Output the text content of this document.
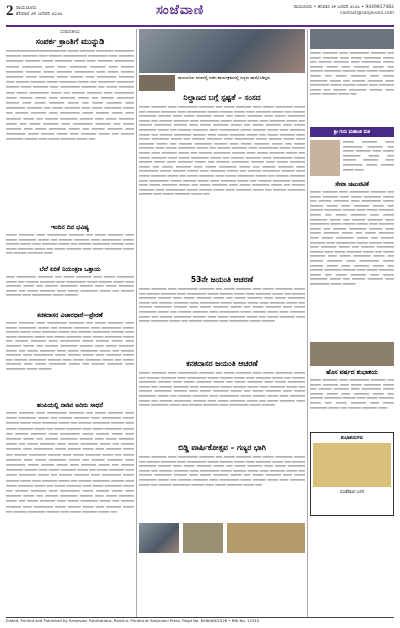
2 ರಾಯಚೂರು
ಶನಿವಾರ ೨೪ ಜನವರಿ ೨೦೨೬	ಸಂಜೆವಾಣಿ	ರಾಯಚೂರು • ಶನಿವಾರ ೨೪ ಜನವರಿ ೨೦೨೬ • 9449817482
contact@sanjevani.com
ಸಂಪಾದಕೀಯ
ಸಂಪರ್ಕ ಕ್ರಾಂತಿಗೆ ಮುನ್ನುಡಿ
════════════════════════════ ═════ ═══════ ════════ ═════════ ═══════ ═══════ ════ ══════ ═══════════ ═════════ ════ ═══════ ════════ ═══════ ═════ ════════ ═════ ════ ═══════ ═════════ ══════ ═════════ ════ ════ ════════ ═══════ ════ ══════ ════════ ═══════ ═════ ═══════ ═════════ ════ ═════ ══════ ════════ ═════ ═══════ ═════ ══════ ════ ═════════ ═══════ ════ ══════ ═══════ ═════ ════════ ═════ ═══ ════════ ════════ ══════ ═════ ═══════ ════ ═════════ ═══════ ═══ ═════ ═══════ ════ ═════ ═════════ ═════ ═══ ══════ ═══════ ════ ═════════ ═════ ══════ ═════ ════ ═══════ ═════ ═══ ══════ ════════ ══════ ════ ═════ ═══════ ═════ ═══ ═════ ═══════ ════ ═════════ ═══════ ═══ ═════ ═══════ ════ ═════ ════════ ═════ ═══ ══════ ═══════ ════ ═════════ ═════ ══════ ═════ ════ ═══════ ═════ ═══ ══════ ════════ ══════ ════ ═════ ═══════ ═════ ═══ ═════ ═══════ ════ ═════════ ═══════ ═══ ═════ ═══════ ════ ═════ ════════ ═════ ═══ ══════ ═══════ ════ ═════════ ═════ ══════ ═════ ════ ═══════ ═════ ═══ ══════ ════════ ══════ ════ ═════ ═══════ ═════ ═══
ಇಂದಿನ ದಿನ ಭವಿಷ್ಯ
═════ ═══════ ════ ═════════ ═══════ ═══ ═════ ═══════ ════ ═════ ════════ ═════ ═══ ══════ ═══════ ════ ═════════ ═════ ══════ ═════ ════ ═══════ ═════ ═══ ══════ ════════ ══════ ════ ═════ ═══════ ═════ ═══ ═════ ═══════ ════ ═════ ════════ ═════ ═══ ══════ ═══════ ════
ಬೆಲೆ ಏರಿಕೆ ನಿಯಂತ್ರಣ ಒತ್ತಾಯ
════ ═════════ ═══════ ═══ ═════ ═══════ ════ ═════ ════════ ═════ ═══ ══════ ═══════ ════ ═════════ ═════ ══════ ═════ ════ ═══════ ═════ ═══ ══════ ════════ ══════ ════ ═════ ═══════ ═════ ═══ ═════ ═══════ ════ ═════ ════════ ═════ ═══ ══════ ═══════ ════ ═════════ ═════ ══════
ಕನಕದಾಸರ ವಿಚಾರಧಾರೆ—ಪ್ರೇರಣೆ
═════ ═══════ ════ ═════════ ═══════ ═══ ═════ ═══════ ════ ═════ ════════ ═════ ═══ ══════ ═══════ ════ ═════════ ═════ ══════ ═════ ════ ═══════ ═════ ═══ ══════ ════════ ══════ ════ ═════ ═══════ ═════ ═══ ═════ ═══════ ════ ═════ ════════ ═════ ═══ ══════ ═══════ ════ ═════════ ═════ ══════ ═════ ════ ═══════ ═════ ═══ ══════ ════════ ══════ ════ ═════ ═══════ ═════ ═══ ═════ ═══════ ════ ═════ ════════ ═════ ═══ ══════ ═══════ ════ ═════════ ═════ ══════ ═════ ════ ═══════ ═════ ═══ ══════ ════════ ══════ ════ ═════ ═══════ ═════ ═══ ═════ ═══════ ════ ═════ ════════ ═════ ═══ ══════ ═══════ ════ ═════════ ═════ ══════
ಹಂಪಿಯಲ್ಲಿ ನಾಡಿನ ಅದಿರು ಸಾಧನೆ
═════ ═══════ ════ ═════════ ═══════ ═══ ═════ ═══════ ════ ═════ ════════ ═════ ═══ ══════ ═══════ ════ ═════════ ═════ ══════ ═════ ════ ═══════ ═════ ═══ ══════ ════════ ══════ ════ ═════ ═══════ ═════ ═══ ═════ ═══════ ════ ═════ ════════ ═════ ═══ ══════ ═══════ ════ ═════════ ═════ ══════ ═════ ════ ═══════ ═════ ═══ ══════ ════════ ══════ ════ ═════ ═══════ ═════ ═══ ═════ ═══════ ════ ═════ ════════ ═════ ═══ ══════ ═══════ ════ ═════════ ═════ ══════ ═════ ════ ═══════ ═════ ═══ ══════ ════════ ══════ ════ ═════ ═══════ ═════ ═══ ═════ ═══════ ════ ═════ ════════ ═════ ═══ ══════ ═══════ ════ ═════════ ═════ ══════ ═════ ════ ═══════ ═════ ═══ ══════ ════════ ══════ ════ ═════ ═══════ ═════ ═══ ═════ ═══════ ════ ═════ ════════ ═════ ═══ ══════ ═══════ ════ ═════════ ═════ ══════ ═════ ════ ═══════ ═════ ═══ ══════ ════════ ══════ ════ ═════ ═══════ ═════ ═══ ═════ ═══════ ════ ═════ ════════ ═════ ═══ ══════ ═══════ ════ ═════════ ═════ ══════ ═════ ════ ═══════ ═════ ═══ ══════ ════════ ══════ ════ ═════ ═══════ ═════ ═══ ═════ ═══════ ════ ═════ ════════ ═════ ═══ ══════ ═══════ ════ ═════════ ═════ ══════ ═════ ════ ═══════ ═════ ═══ ══════ ════════ ══════ ════ ═════ ═══════ ═════ ═══
ರಾಯಚೂರು ನಗರದಲ್ಲಿ ನಡೆದ ಕಾರ್ಯಕ್ರಮದಲ್ಲಿ ಗಣ್ಯರು ಪಾಲ್ಗೊಂಡಿದ್ದರು
ನಿಲ್ದಾಣದ ಬಗ್ಗೆ ಸ್ಪಷ್ಟತೆ – ಸಂಸದ
═════ ═══════ ════ ═════════ ═══════ ═══ ═════ ═══════ ════ ═════ ════════ ═════ ═══ ══════ ═══════ ════ ═════════ ═════ ══════ ═════ ════ ═══════ ═════ ═══ ══════ ════════ ══════ ════ ═════ ═══════ ═════ ═══ ═════ ═══════ ════ ═════ ════════ ═════ ═══ ══════ ═══════ ════ ═════════ ═════ ══════ ═════ ════ ═══════ ═════ ═══ ══════ ════════ ══════ ════ ═════ ═══════ ═════ ═══ ═════ ═══════ ════ ═════ ════════ ═════ ═══ ══════ ═══════ ════ ═════════ ═════ ══════ ═════ ════ ═══════ ═════ ═══ ══════ ════════ ══════ ════ ═════ ═══════ ═════ ═══ ═════ ═══════ ════ ═════ ════════ ═════ ═══ ══════ ═══════ ════ ═════════ ═════ ══════ ═════ ════ ═══════ ═════ ═══ ══════ ════════ ══════ ════ ═════ ═══════ ═════ ═══ ═════ ═══════ ════ ═════ ════════ ═════ ═══ ══════ ═══════ ════ ═════════ ═════ ══════ ═════ ════ ═══════ ═════ ═══ ══════ ════════ ══════ ════ ═════ ═══════ ═════ ═══ ═════ ═══════ ════ ═════ ════════ ═════ ═══ ══════ ═══════ ════ ═════════ ═════ ══════ ═════ ════ ═══════ ═════ ═══ ══════ ════════ ══════ ════ ═════ ═══════ ═════ ═══ ═════ ═══════ ════ ═════ ════════ ═════ ═══ ══════ ═══════ ════ ═════════ ═════ ══════ ═════ ════ ═══════ ═════ ═══ ══════ ════════ ══════ ════ ═════ ═══════ ═════ ═══ ═════ ═══════ ════ ═════ ════════ ═════ ═══ ══════ ═══════ ════ ═════════ ═════ ══════ ═════ ════ ═══════ ═════ ═══ ══════ ════════ ══════ ════ ═════ ═══════ ═════ ═══ ═════ ═══════ ════ ═════ ════════ ═════ ═══ ══════ ═══════ ════ ═════════ ═════ ══════ ═════ ════ ═══════ ═════ ═══ ══════ ════════ ══════ ════ ═════ ═══════ ═════ ═══
53ನೇ ಜಯಂತಿ ಆಚರಣೆ
═════ ═══════ ════ ═════════ ═══════ ═══ ═════ ═══════ ════ ═════ ════════ ═════ ═══ ══════ ═══════ ════ ═════════ ═════ ══════ ═════ ════ ═══════ ═════ ═══ ══════ ════════ ══════ ════ ═════ ═══════ ═════ ═══ ═════ ═══════ ════ ═════ ════════ ═════ ═══ ══════ ═══════ ════ ═════════ ═════ ══════ ═════ ════ ═══════ ═════ ═══ ══════ ════════ ══════ ════ ═════ ═══════ ═════ ═══ ═════ ═══════ ════ ═════ ════════ ═════ ═══ ══════ ═══════ ════ ═════════ ═════ ══════ ═════ ════ ═══════ ═════ ═══ ══════ ════════ ══════ ════ ═════ ═══════ ═════ ═══ ═════ ═══════ ════ ═════ ════════ ═════ ═══ ══════ ═══════ ════ ═════════ ═════ ══════
ಕನಕದಾಸರ ಜಯಂತಿ ಆಚರಣೆ
═════ ═══════ ════ ═════════ ═══════ ═══ ═════ ═══════ ════ ═════ ════════ ═════ ═══ ══════ ═══════ ════ ═════════ ═════ ══════ ═════ ════ ═══════ ═════ ═══ ══════ ════════ ══════ ════ ═════ ═══════ ═════ ═══ ═════ ═══════ ════ ═════ ════════ ═════ ═══ ══════ ═══════ ════ ═════════ ═════ ══════ ═════ ════ ═══════ ═════ ═══ ══════ ════════ ══════ ════ ═════ ═══════ ═════ ═══ ═════ ═══════ ════ ═════ ════════ ═════ ═══ ══════ ═══════ ════ ═════════ ═════ ══════ ═════ ════ ═══════ ═════ ═══ ══════ ════════ ══════ ════ ═════ ═══════ ═════ ═══ ═════ ═══════ ════ ═════ ════════ ═════ ═══ ══════ ═══════ ════ ═════════ ═════ ══════
ಬಿಡ್ಡಿ ವಾರ್ಷಿಕೋತ್ಸವ – ಗಣ್ಯರ ಭಾಗಿ
═════ ═══════ ════ ═════════ ═══════ ═══ ═════ ═══════ ════ ═════ ════════ ═════ ═══ ══════ ═══════ ════ ═════════ ═════ ══════ ═════ ════ ═══════ ═════ ═══ ══════ ════════ ══════ ════ ═════ ═══════ ═════ ═══ ═════ ═══════ ════ ═════ ════════ ═════ ═══ ══════ ═══════ ════ ═════════ ═════ ══════ ═════ ════ ═══════ ═════ ═══ ══════ ════════ ══════ ════ ═════ ═══════ ═════ ═══ ═════ ═══════ ════ ═════ ════════ ═════ ═══ ══════ ═══════ ════ ═════════ ═════ ══════ ═════ ════ ═══════ ═════ ═══ ══════ ════════ ══════ ════ ═════ ═══════ ═════ ═══
═════ ═══════ ════ ═════════ ═══════ ═══ ═════ ═══════ ════ ═════ ════════ ═════ ═══ ══════ ═══════ ════ ═════════ ═════ ══════ ═════ ════ ═══════ ═════ ═══ ══════ ════════ ══════ ════ ═════ ═══════ ═════ ═══ ═════ ═══════ ════ ═════ ════════ ═════ ═══ ══════ ═══════ ════ ═════════ ═════ ══════ ═════ ════ ═══════ ═════ ═══ ══════ ════════ ══════ ════ ═════ ═══════ ═════ ═══
ಶ್ರೀ ಗುರು ಮಹಾಂತ ಮಠ
═════ ═══════ ════ ═════════ ═══════ ═══ ═════ ═══════ ════ ═════ ════════ ═════ ═══ ══════ ═══════ ════ ═════════ ═════ ══════ ═════ ════
ಸೇವಾ ಚಟುವಟಿಕೆ
═════ ═══════ ════ ═════════ ═══════ ═══ ═════ ═══════ ════ ═════ ════════ ═════ ═══ ══════ ═══════ ════ ═════════ ═════ ══════ ═════ ════ ═══════ ═════ ═══ ══════ ════════ ══════ ════ ═════ ═══════ ═════ ═══ ═════ ═══════ ════ ═════ ════════ ═════ ═══ ══════ ═══════ ════ ═════════ ═════ ══════ ═════ ════ ═══════ ═════ ═══ ══════ ════════ ══════ ════ ═════ ═══════ ═════ ═══ ═════ ═══════ ════ ═════ ════════ ═════ ═══ ══════ ═══════ ════ ═════════ ═════ ══════ ═════ ════ ═══════ ═════ ═══ ══════ ════════ ══════ ════ ═════ ═══════ ═════ ═══ ═════ ═══════ ════ ═════ ════════ ═════ ═══ ══════ ═══════ ════ ═════════ ═════ ══════ ═════ ════ ═══════ ═════ ═══ ══════ ════════ ══════ ════ ═════ ═══════ ═════ ═══ ═════ ═══════ ════ ═════ ════════ ═════ ═══ ══════ ═══════ ════ ═════════ ═════ ══════
ಹೊಸ ವರ್ಷದ ಶುಭಾಶಯ
═════ ═══════ ════ ═════════ ═══════ ═══ ═════ ═══════ ════ ═════ ════════ ═════ ═══ ══════ ═══════ ════ ═════════ ═════ ══════ ═════ ════ ═══════ ═════ ═══ ══════ ════════ ══════ ════ ═════ ═══════ ═════ ═══ ═════ ═══════ ════ ═════ ════════ ═════ ═══ ══════ ═══════ ════
ಶುಭಾಶಯಗಳು
ಸಂಜೆವಾಣಿ ಬಳಗ
Edited, Printed and Published by Sanjevani Publications, Raichur. Printed at Sanjevani Press. Regd No. KARKAN/2026 • RNI No. 12345
